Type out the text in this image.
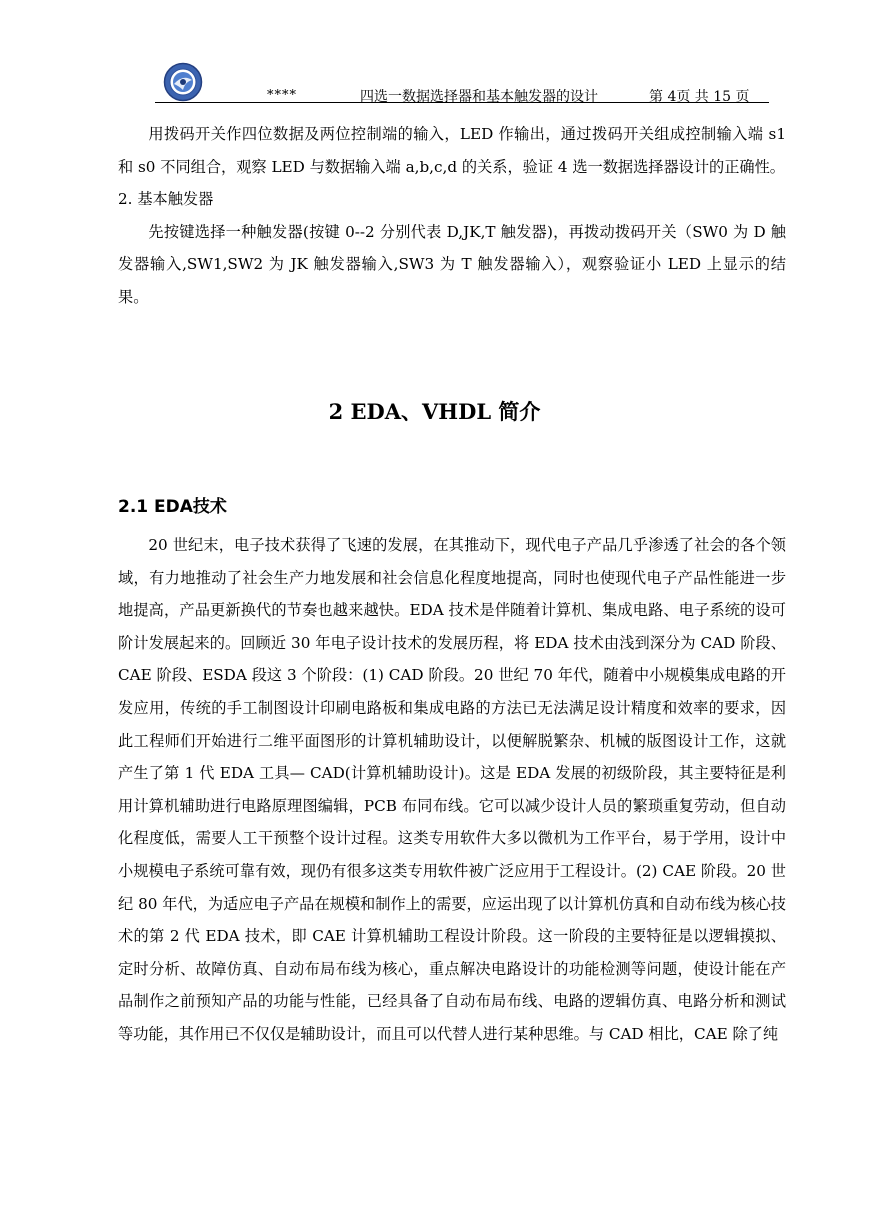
****	四选一数据选择器和基本触发器的设计	第 4页 共 15 页

用拨码开关作四位数据及两位控制端的输入，LED 作输出，通过拨码开关组成控制输入端 s1 和 s0 不同组合，观察 LED 与数据输入端 a,b,c,d 的关系，验证 4 选一数据选择器设计的正确性。

2. 基本触发器

先按键选择一种触发器(按键 0--2 分别代表 D,JK,T 触发器)，再拨动拨码开关（SW0 为 D 触发器输入,SW1,SW2 为 JK 触发器输入,SW3 为 T 触发器输入），观察验证小 LED 上显示的结果。

2 EDA、VHDL 简介
2.1 EDA技术

20 世纪末，电子技术获得了飞速的发展，在其推动下，现代电子产品几乎渗透了社会的各个领域，有力地推动了社会生产力地发展和社会信息化程度地提高，同时也使现代电子产品性能进一步地提高，产品更新换代的节奏也越来越快。EDA 技术是伴随着计算机、集成电路、电子系统的设可阶计发展起来的。回顾近 30 年电子设计技术的发展历程，将 EDA 技术由浅到深分为 CAD 阶段、CAE 阶段、ESDA 段这 3 个阶段：(1) CAD 阶段。20 世纪 70 年代，随着中小规模集成电路的开发应用，传统的手工制图设计印刷电路板和集成电路的方法已无法满足设计精度和效率的要求，因此工程师们开始进行二维平面图形的计算机辅助设计，以便解脱繁杂、机械的版图设计工作，这就产生了第 1 代 EDA 工具— CAD(计算机辅助设计)。这是 EDA 发展的初级阶段，其主要特征是利用计算机辅助进行电路原理图编辑，PCB 布同布线。它可以减少设计人员的繁琐重复劳动，但自动化程度低，需要人工干预整个设计过程。这类专用软件大多以微机为工作平台，易于学用，设计中小规模电子系统可靠有效，现仍有很多这类专用软件被广泛应用于工程设计。(2) CAE 阶段。20 世纪 80 年代，为适应电子产品在规模和制作上的需要，应运出现了以计算机仿真和自动布线为核心技术的第 2 代 EDA 技术，即 CAE 计算机辅助工程设计阶段。这一阶段的主要特征是以逻辑摸拟、定时分析、故障仿真、自动布局布线为核心，重点解决电路设计的功能检测等问题，使设计能在产品制作之前预知产品的功能与性能，已经具备了自动布局布线、电路的逻辑仿真、电路分析和测试等功能，其作用已不仅仅是辅助设计，而且可以代替人进行某种思维。与 CAD 相比，CAE 除了纯
